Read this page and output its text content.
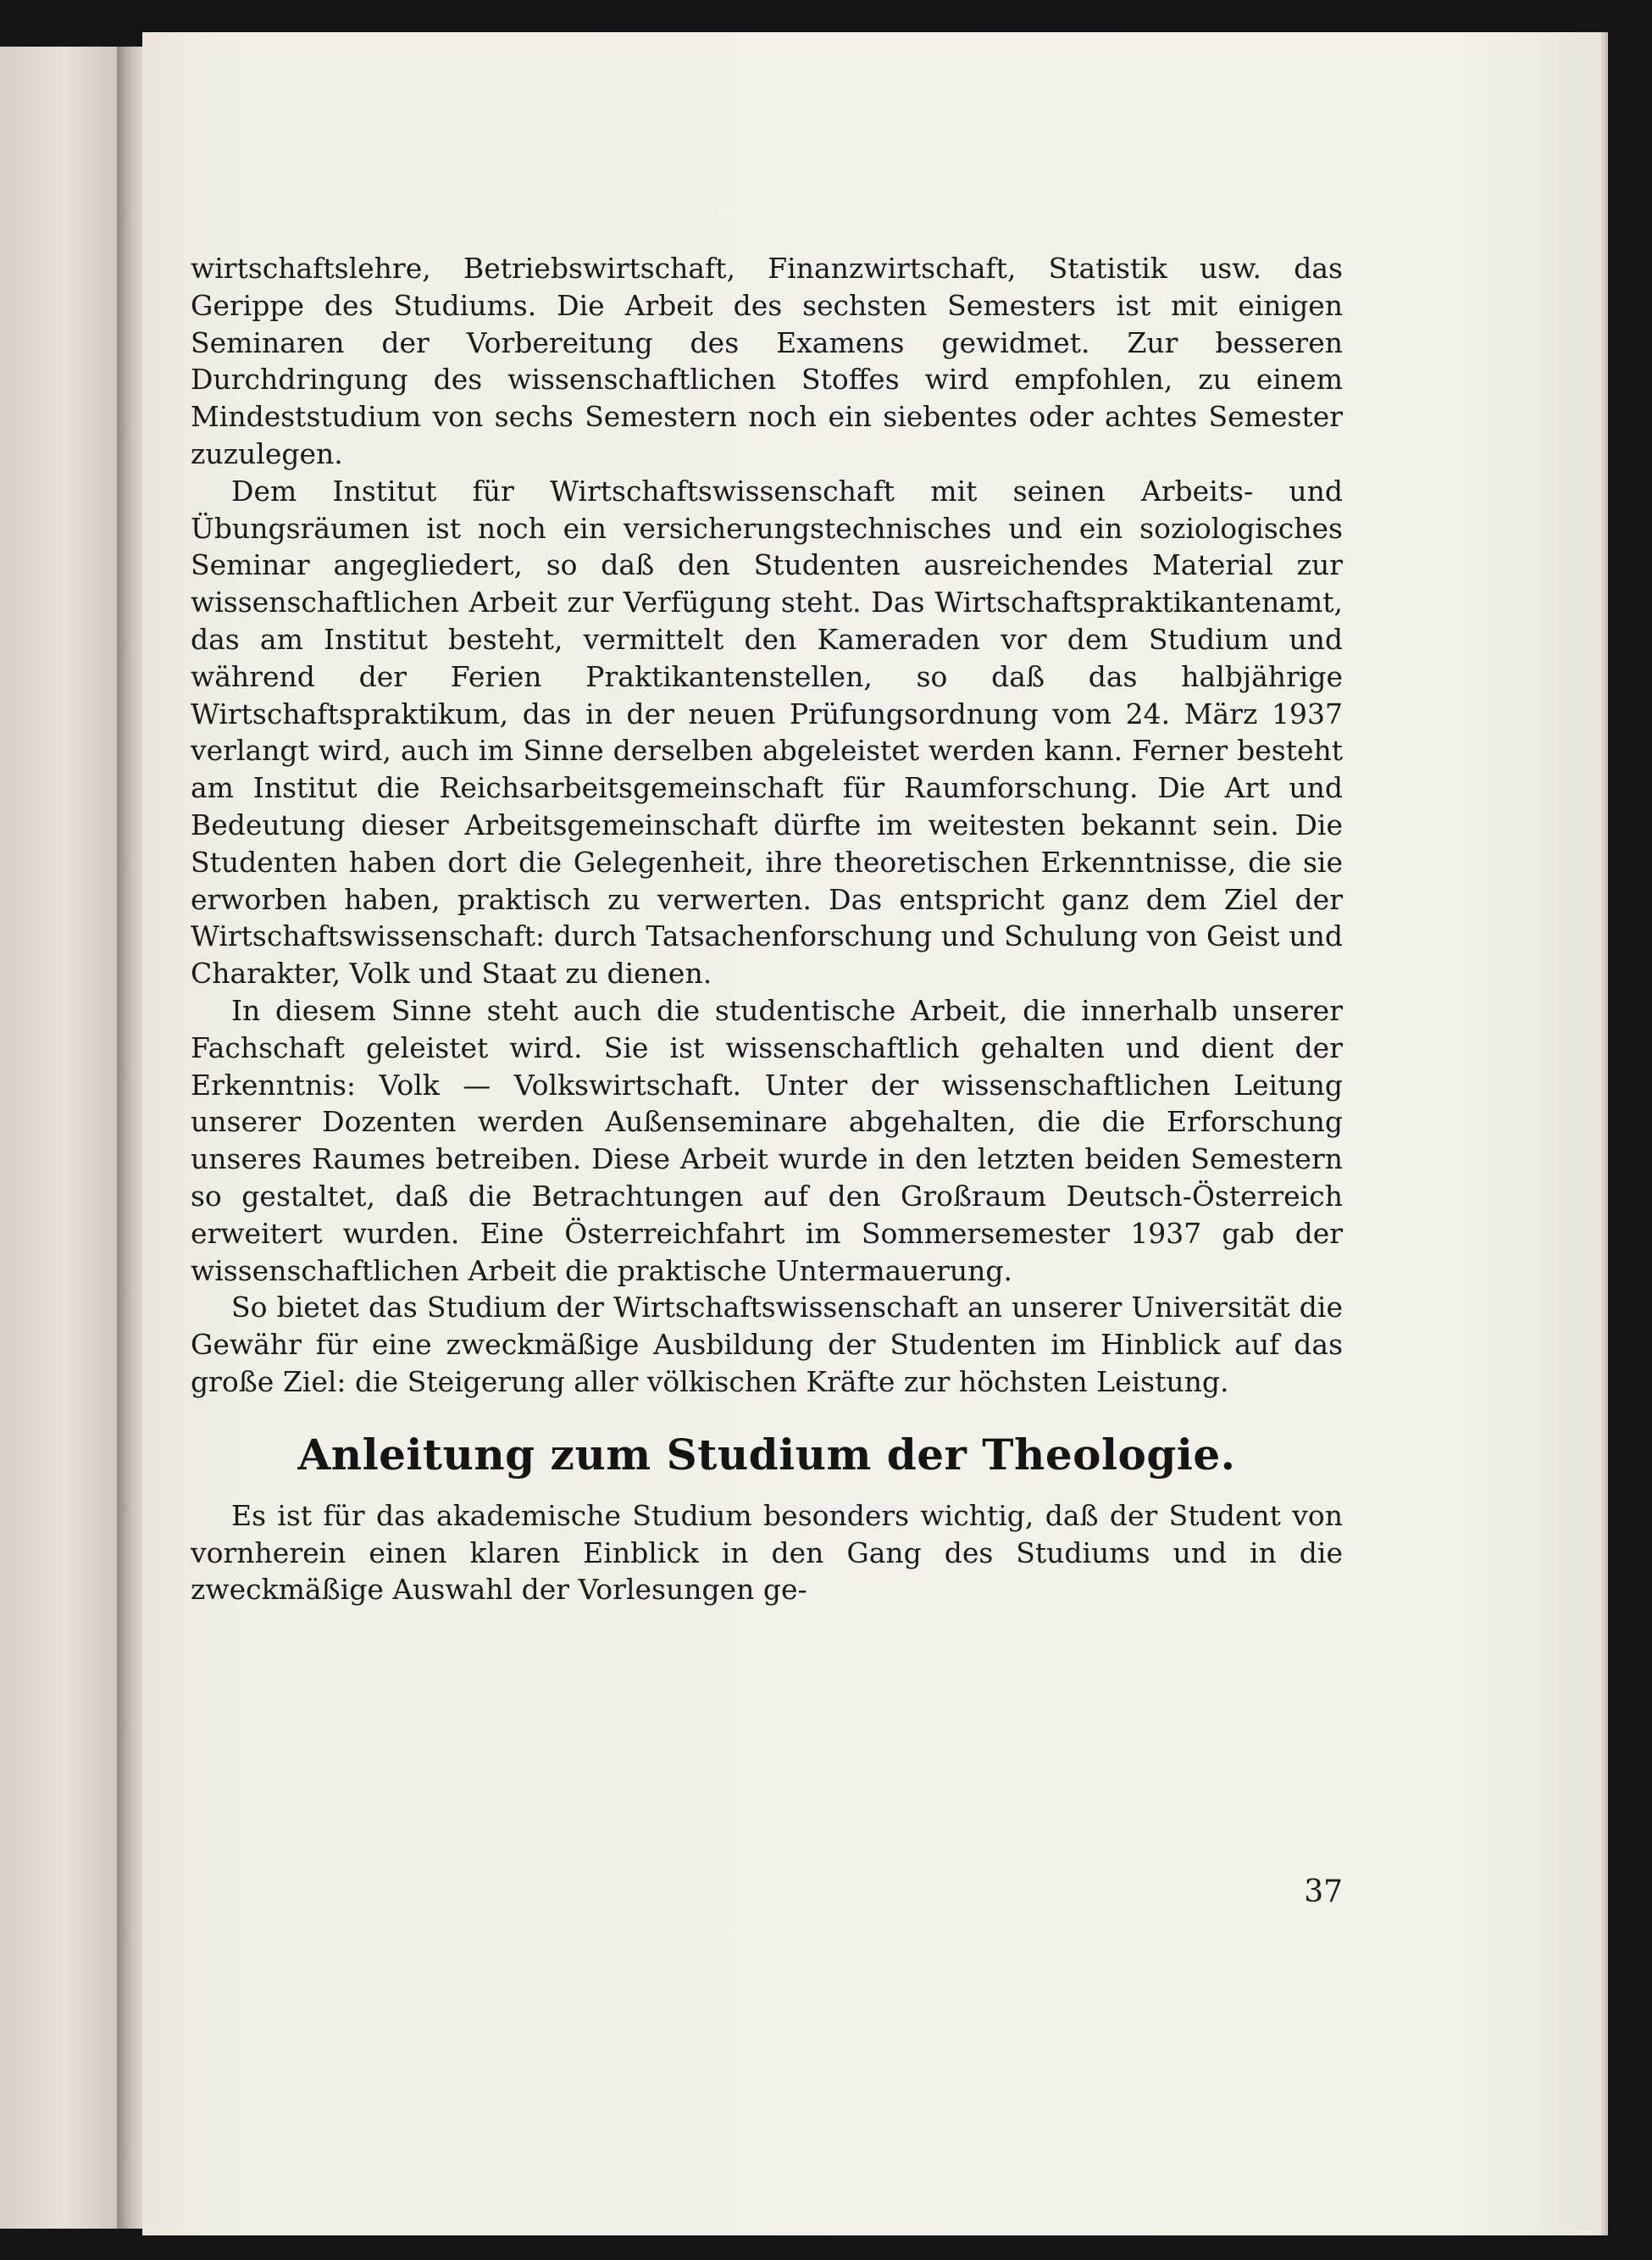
wirtschaftslehre, Betriebswirtschaft, Finanzwirtschaft, Statistik usw. das Gerippe des Studiums. Die Arbeit des sechsten Semesters ist mit einigen Seminaren der Vorbereitung des Examens gewidmet. Zur besseren Durchdringung des wissenschaftlichen Stoffes wird empfohlen, zu einem Mindeststudium von sechs Semestern noch ein siebentes oder achtes Semester zuzulegen.

Dem Institut für Wirtschaftswissenschaft mit seinen Arbeits- und Übungsräumen ist noch ein versicherungstechnisches und ein soziologisches Seminar angegliedert, so daß den Studenten ausreichendes Material zur wissenschaftlichen Arbeit zur Verfügung steht. Das Wirtschaftspraktikantenamt, das am Institut besteht, vermittelt den Kameraden vor dem Studium und während der Ferien Praktikantenstellen, so daß das halbjährige Wirtschaftspraktikum, das in der neuen Prüfungsordnung vom 24. März 1937 verlangt wird, auch im Sinne derselben abgeleistet werden kann. Ferner besteht am Institut die Reichsarbeitsgemeinschaft für Raumforschung. Die Art und Bedeutung dieser Arbeitsgemeinschaft dürfte im weitesten bekannt sein. Die Studenten haben dort die Gelegenheit, ihre theoretischen Erkenntnisse, die sie erworben haben, praktisch zu verwerten. Das entspricht ganz dem Ziel der Wirtschaftswissenschaft: durch Tatsachenforschung und Schulung von Geist und Charakter, Volk und Staat zu dienen.

In diesem Sinne steht auch die studentische Arbeit, die innerhalb unserer Fachschaft geleistet wird. Sie ist wissenschaftlich gehalten und dient der Erkenntnis: Volk — Volkswirtschaft. Unter der wissenschaftlichen Leitung unserer Dozenten werden Außenseminare abgehalten, die die Erforschung unseres Raumes betreiben. Diese Arbeit wurde in den letzten beiden Semestern so gestaltet, daß die Betrachtungen auf den Großraum Deutsch-Österreich erweitert wurden. Eine Österreichfahrt im Sommersemester 1937 gab der wissenschaftlichen Arbeit die praktische Untermauerung.

So bietet das Studium der Wirtschaftswissenschaft an unserer Universität die Gewähr für eine zweckmäßige Ausbildung der Studenten im Hinblick auf das große Ziel: die Steigerung aller völkischen Kräfte zur höchsten Leistung.

Anleitung zum Studium der Theologie.

Es ist für das akademische Studium besonders wichtig, daß der Student von vornherein einen klaren Einblick in den Gang des Studiums und in die zweckmäßige Auswahl der Vorlesungen ge-

37
